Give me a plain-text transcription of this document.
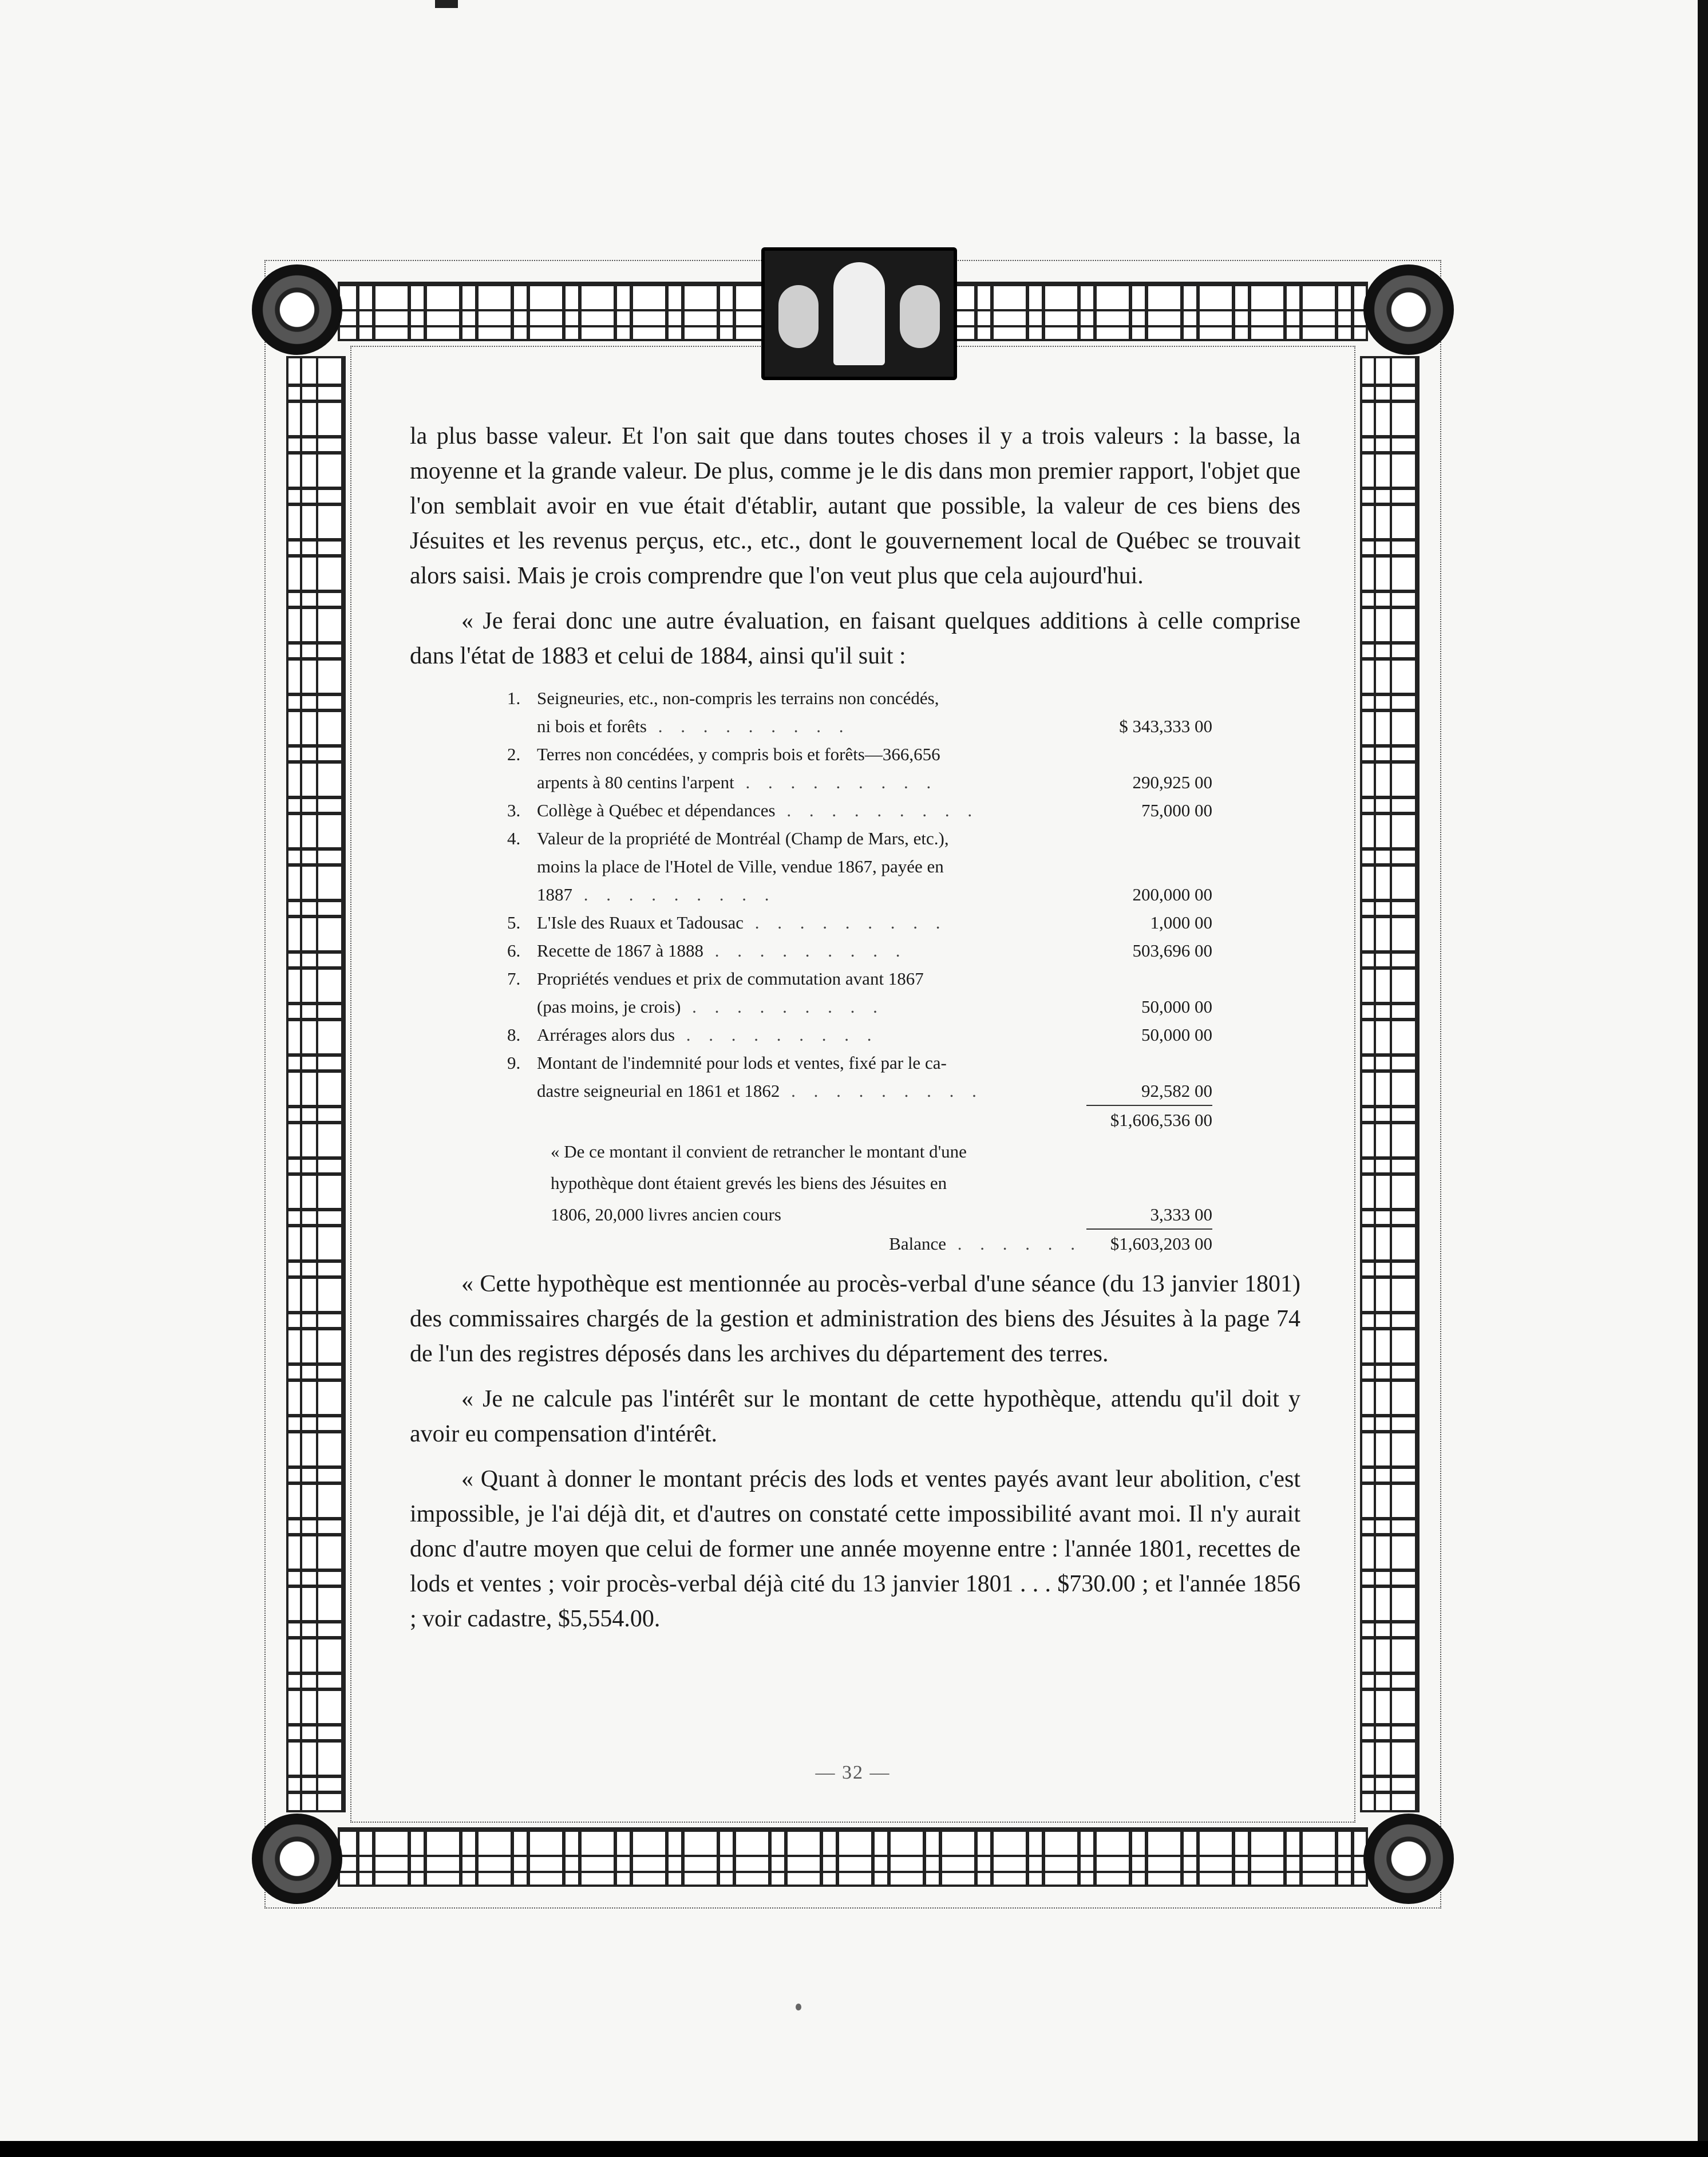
— 32 —

la plus basse valeur. Et l'on sait que dans toutes choses il y a trois valeurs : la basse, la moyenne et la grande valeur. De plus, comme je le dis dans mon premier rapport, l'objet que l'on semblait avoir en vue était d'établir, autant que possible, la valeur de ces biens des Jésuites et les revenus perçus, etc., etc., dont le gouvernement local de Québec se trouvait alors saisi. Mais je crois comprendre que l'on veut plus que cela aujourd'hui.

« Je ferai donc une autre évaluation, en faisant quelques additions à celle comprise dans l'état de 1883 et celui de 1884, ainsi qu'il suit :

1. Seigneuries, etc., non-compris les terrains non concédés,
ni bois et forêts . . . . . . . . .	$ 343,333 00
2. Terres non concédées, y compris bois et forêts—366,656
arpents à 80 centins l'arpent . . . . . . . . .	290,925 00
3. Collège à Québec et dépendances . . . . . . . . .	75,000 00
4. Valeur de la propriété de Montréal (Champ de Mars, etc.),
moins la place de l'Hotel de Ville, vendue 1867, payée en
1887 . . . . . . . . .	200,000 00
5. L'Isle des Ruaux et Tadousac . . . . . . . . .	1,000 00
6. Recette de 1867 à 1888 . . . . . . . . .	503,696 00
7. Propriétés vendues et prix de commutation avant 1867
(pas moins, je crois) . . . . . . . . .	50,000 00
8. Arrérages alors dus . . . . . . . . .	50,000 00
9. Montant de l'indemnité pour lods et ventes, fixé par le ca-
dastre seigneurial en 1861 et 1862 . . . . . . . . .	92,582 00
$1,606,536 00
« De ce montant il convient de retrancher le montant d'une
hypothèque dont étaient grevés les biens des Jésuites en
1806, 20,000 livres ancien cours	3,333 00
Balance . . . . . .	$1,603,203 00

« Cette hypothèque est mentionnée au procès-verbal d'une séance (du 13 janvier 1801) des commissaires chargés de la gestion et administration des biens des Jésuites à la page 74 de l'un des registres déposés dans les archives du département des terres.

« Je ne calcule pas l'intérêt sur le montant de cette hypothèque, attendu qu'il doit y avoir eu compensation d'intérêt.

« Quant à donner le montant précis des lods et ventes payés avant leur abolition, c'est impossible, je l'ai déjà dit, et d'autres on constaté cette impossibilité avant moi. Il n'y aurait donc d'autre moyen que celui de former une année moyenne entre : l'année 1801, recettes de lods et ventes ; voir procès-verbal déjà cité du 13 janvier 1801 . . . $730.00 ; et l'année 1856 ; voir cadastre, $5,554.00.
